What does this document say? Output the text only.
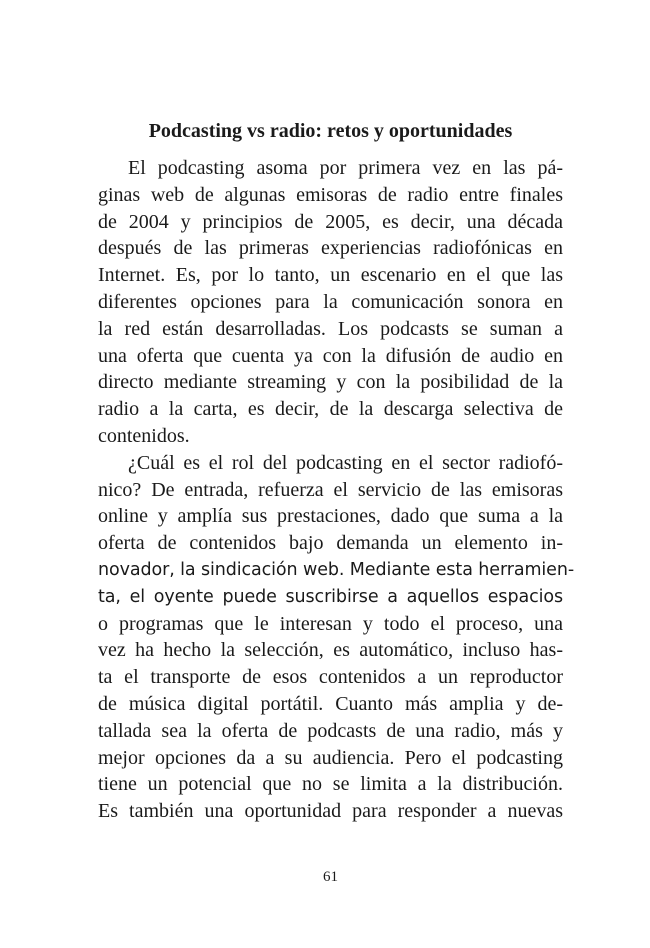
Podcasting vs radio: retos y oportunidades
El podcasting asoma por primera vez en las pá-
ginas web de algunas emisoras de radio entre finales
de 2004 y principios de 2005, es decir, una década
después de las primeras experiencias radiofónicas en
Internet. Es, por lo tanto, un escenario en el que las
diferentes opciones para la comunicación sonora en
la red están desarrolladas. Los podcasts se suman a
una oferta que cuenta ya con la difusión de audio en
directo mediante streaming y con la posibilidad de la
radio a la carta, es decir, de la descarga selectiva de
contenidos.
¿Cuál es el rol del podcasting en el sector radiofó-
nico? De entrada, refuerza el servicio de las emisoras
online y amplía sus prestaciones, dado que suma a la
oferta de contenidos bajo demanda un elemento in-
novador, la sindicación web. Mediante esta herramien-
ta, el oyente puede suscribirse a aquellos espacios
o programas que le interesan y todo el proceso, una
vez ha hecho la selección, es automático, incluso has-
ta el transporte de esos contenidos a un reproductor
de música digital portátil. Cuanto más amplia y de-
tallada sea la oferta de podcasts de una radio, más y
mejor opciones da a su audiencia. Pero el podcasting
tiene un potencial que no se limita a la distribución.
Es también una oportunidad para responder a nuevas
61
